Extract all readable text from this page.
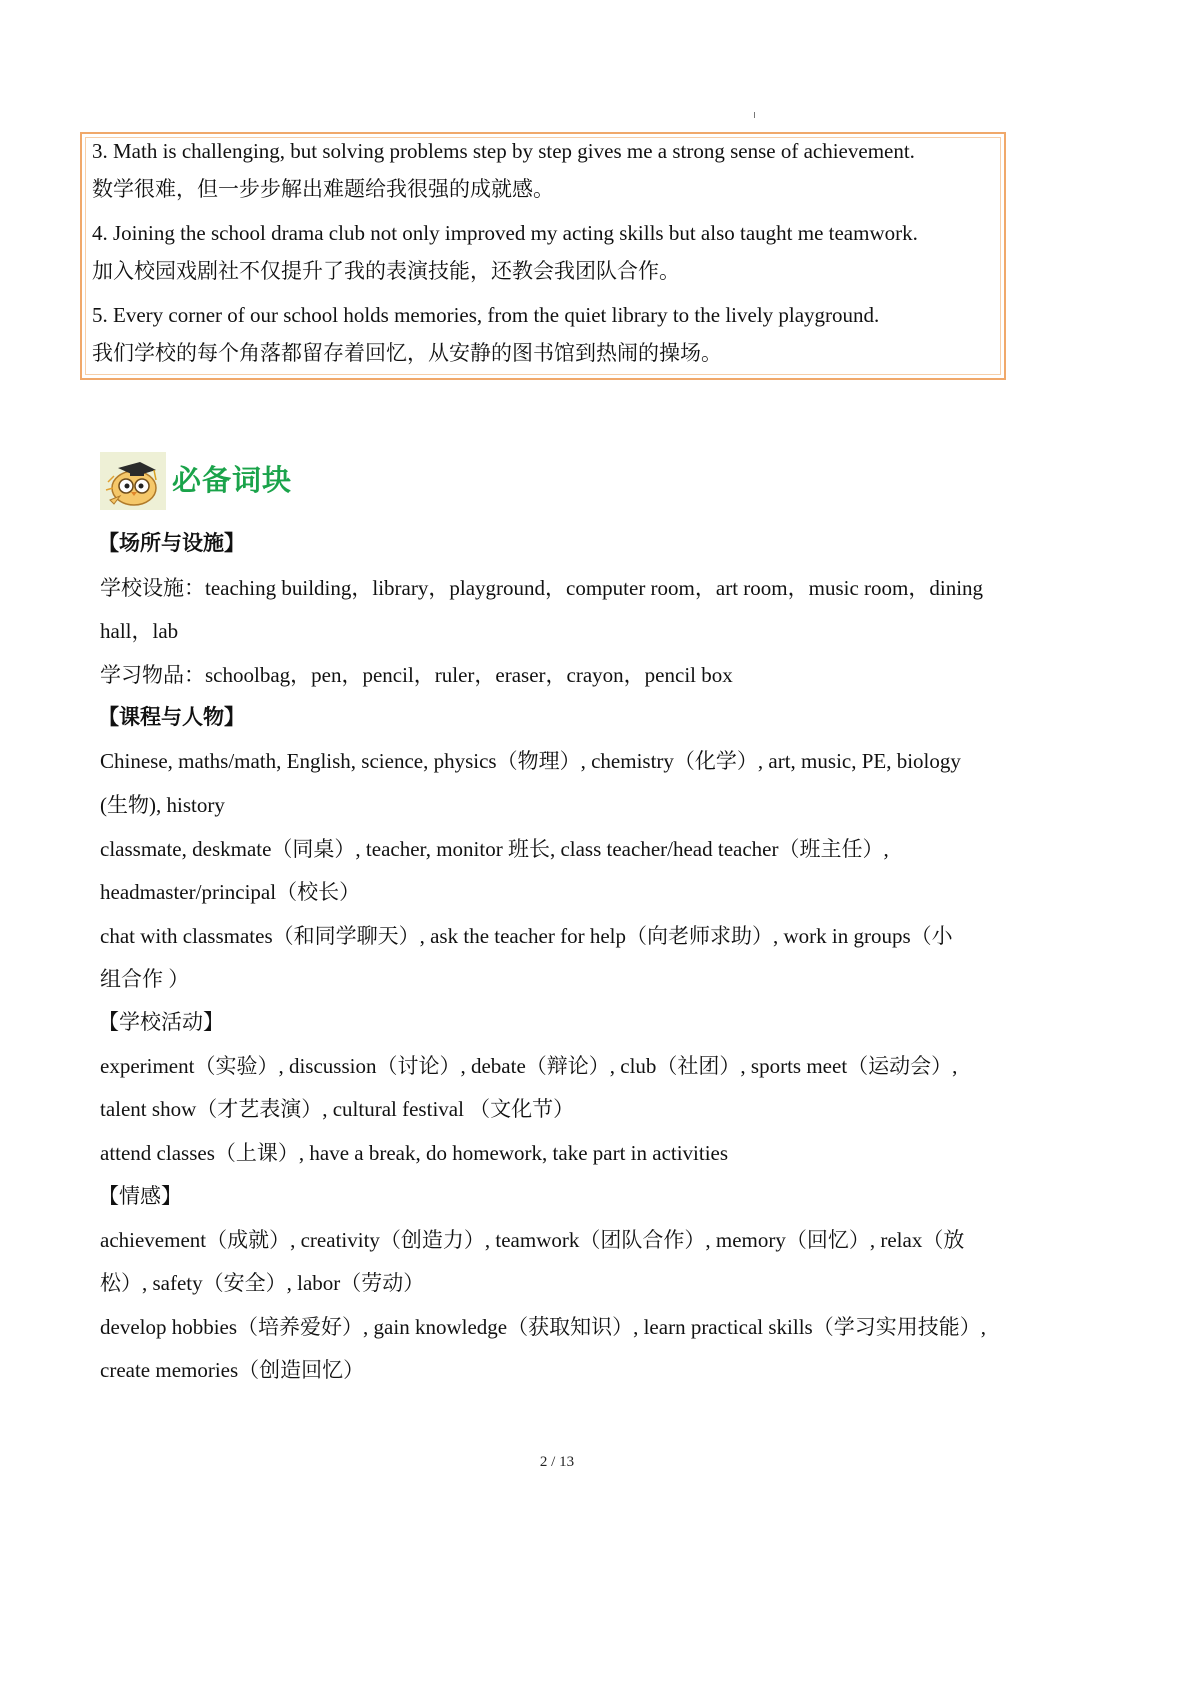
3. Math is challenging, but solving problems step by step gives me a strong sense of achievement.
数学很难，但一步步解出难题给我很强的成就感。
4. Joining the school drama club not only improved my acting skills but also taught me teamwork.
加入校园戏剧社不仅提升了我的表演技能，还教会我团队合作。
5. Every corner of our school holds memories, from the quiet library to the lively playground.
我们学校的每个角落都留存着回忆，从安静的图书馆到热闹的操场。
必备词块
【场所与设施】
学校设施：teaching building，library，playground，computer room，art room，music room，dining
hall，lab
学习物品：schoolbag，pen，pencil，ruler，eraser，crayon，pencil box
【课程与人物】
Chinese, maths/math, English, science, physics（物理）, chemistry（化学）, art, music, PE, biology
(生物), history
classmate, deskmate（同桌）, teacher, monitor 班长, class teacher/head teacher（班主任）,
headmaster/principal（校长）
chat with classmates（和同学聊天）, ask the teacher for help（向老师求助）, work in groups（小
组合作 ）
【学校活动】
experiment（实验）, discussion（讨论）, debate（辩论）, club（社团）, sports meet（运动会）,
talent show（才艺表演）, cultural festival （文化节）
attend classes（上课）, have a break, do homework, take part in activities
【情感】
achievement（成就）, creativity（创造力）, teamwork（团队合作）, memory（回忆）, relax（放
松）, safety（安全）, labor（劳动）
develop hobbies（培养爱好）, gain knowledge（获取知识）, learn practical skills（学习实用技能）,
create memories（创造回忆）
2 / 13
